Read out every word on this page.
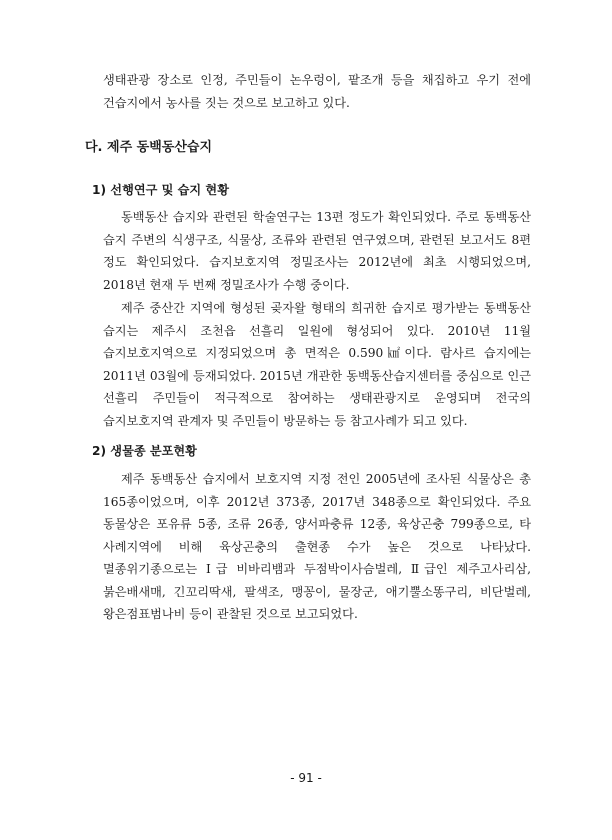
생태관광 장소로 인정, 주민들이 논우렁이, 팥조개 등을 채집하고 우기 전에 건습지에서 농사를 짓는 것으로 보고하고 있다.

다. 제주 동백동산습지
1) 선행연구 및 습지 현황

동백동산 습지와 관련된 학술연구는 13편 정도가 확인되었다. 주로 동백동산 습지 주변의 식생구조, 식물상, 조류와 관련된 연구였으며, 관련된 보고서도 8편 정도 확인되었다. 습지보호지역 정밀조사는 2012년에 최초 시행되었으며, 2018년 현재 두 번째 정밀조사가 수행 중이다.

제주 중산간 지역에 형성된 곶자왈 형태의 희귀한 습지로 평가받는 동백동산 습지는 제주시 조천읍 선흘리 일원에 형성되어 있다. 2010년 11월 습지보호지역으로 지정되었으며 총 면적은 0.590㎢이다. 람사르 습지에는 2011년 03월에 등재되었다. 2015년 개관한 동백동산습지센터를 중심으로 인근 선흘리 주민들이 적극적으로 참여하는 생태관광지로 운영되며 전국의 습지보호지역 관계자 및 주민들이 방문하는 등 참고사례가 되고 있다.

2) 생물종 분포현황

제주 동백동산 습지에서 보호지역 지정 전인 2005년에 조사된 식물상은 총 165종이었으며, 이후 2012년 373종, 2017년 348종으로 확인되었다. 주요 동물상은 포유류 5종, 조류 26종, 양서파충류 12종, 육상곤충 799종으로, 타 사례지역에 비해 육상곤충의 출현종 수가 높은 것으로 나타났다. 멸종위기종으로는 Ⅰ급 비바리뱀과 두점박이사슴벌레, Ⅱ급인 제주고사리삼, 붉은배새매, 긴꼬리딱새, 팔색조, 맹꽁이, 물장군, 애기뿔소똥구리, 비단벌레, 왕은점표범나비 등이 관찰된 것으로 보고되었다.

- 91 -
